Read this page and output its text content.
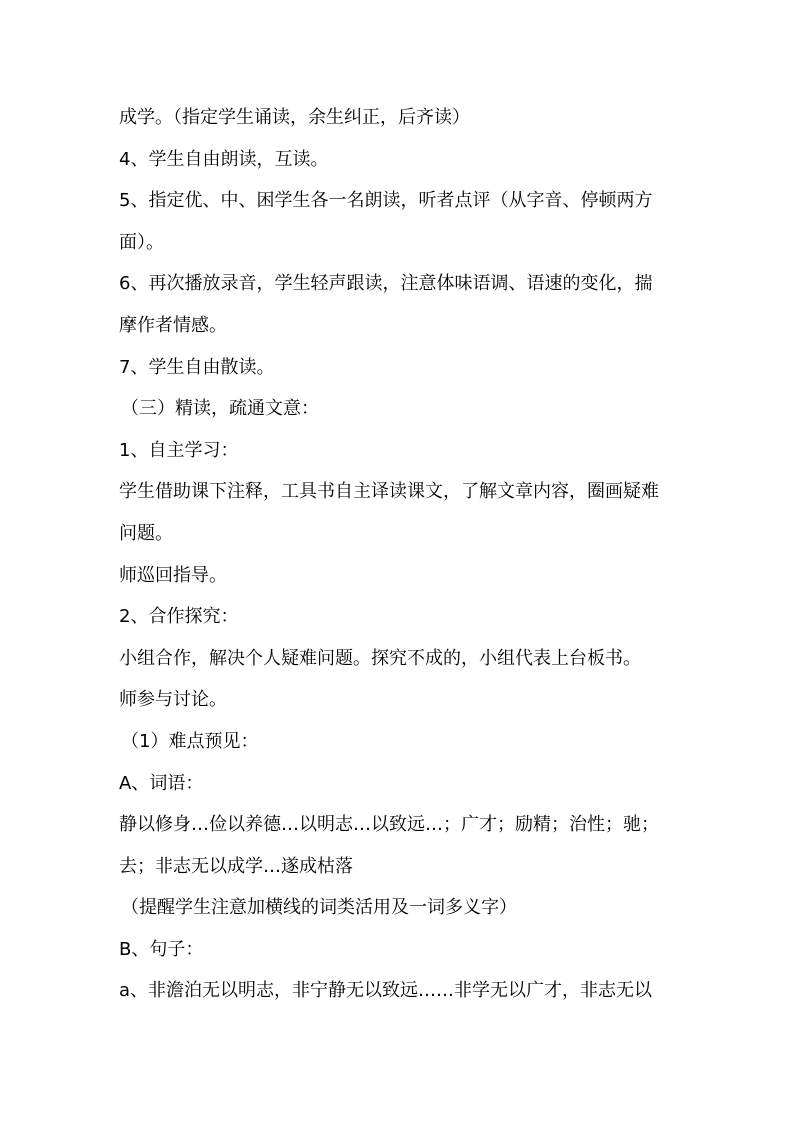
成学。（指定学生诵读，余生纠正，后齐读）
4、学生自由朗读，互读。
5、指定优、中、困学生各一名朗读，听者点评（从字音、停顿两方
面）。
6、再次播放录音，学生轻声跟读，注意体味语调、语速的变化，揣
摩作者情感。
7、学生自由散读。
（三）精读，疏通文意：
1、自主学习：
学生借助课下注释，工具书自主译读课文，了解文章内容，圈画疑难
问题。
师巡回指导。
2、合作探究：
小组合作，解决个人疑难问题。探究不成的，小组代表上台板书。
师参与讨论。
（1）难点预见：
A、词语：
静以修身…俭以养德…以明志…以致远…；广才；励精；治性；驰；
去；非志无以成学…遂成枯落
（提醒学生注意加横线的词类活用及一词多义字）
B、句子：
a、非澹泊无以明志，非宁静无以致远……非学无以广才，非志无以
